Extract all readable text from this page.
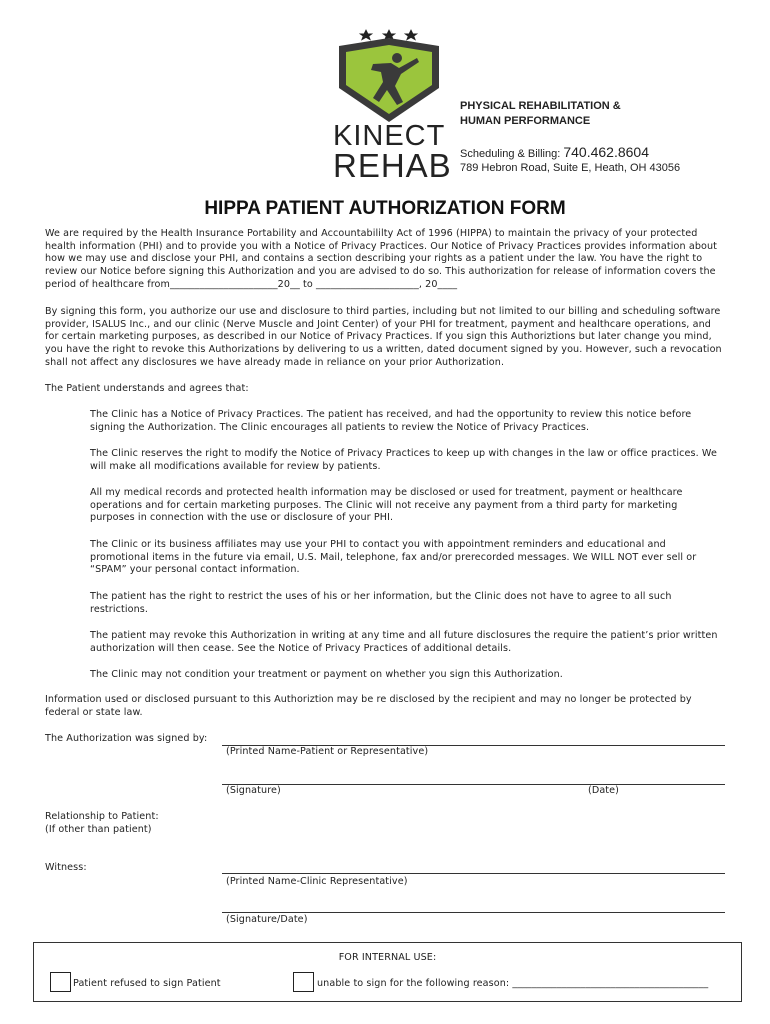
KINECT
REHAB
PHYSICAL REHABILITATION &
HUMAN PERFORMANCE
Scheduling & Billing: 740.462.8604
789 Hebron Road, Suite E, Heath, OH 43056
HIPPA PATIENT AUTHORIZATION FORM
We are required by the Health Insurance Portability and Accountabililty Act of 1996 (HIPPA) to maintain the privacy of your protected health information (PHI) and to provide you with a Notice of Privacy Practices. Our Notice of Privacy Practices provides information about how we may use and disclose your PHI, and contains a section describing your rights as a patient under the law. You have the right to review our Notice before signing this Authorization and you are advised to do so. This authorization for release of information covers the period of healthcare from______________________20__ to _____________________, 20____
By signing this form, you authorize our use and disclosure to third parties, including but not limited to our billing and scheduling software provider, ISALUS Inc., and our clinic (Nerve Muscle and Joint Center) of your PHI for treatment, payment and healthcare operations, and for certain marketing purposes, as described in our Notice of Privacy Practices. If you sign this Authoriztions but later change you mind, you have the right to revoke this Authorizations by delivering to us a written, dated document signed by you. However, such a revocation shall not affect any disclosures we have already made in reliance on your prior Authorization.
The Patient understands and agrees that:
The Clinic has a Notice of Privacy Practices. The patient has received, and had the opportunity to review this notice before signing the Authorization. The Clinic encourages all patients to review the Notice of Privacy Practices.
The Clinic reserves the right to modify the Notice of Privacy Practices to keep up with changes in the law or office practices. We will make all modifications available for review by patients.
All my medical records and protected health information may be disclosed or used for treatment, payment or healthcare operations and for certain marketing purposes. The Clinic will not receive any payment from a third party for marketing purposes in connection with the use or disclosure of your PHI.
The Clinic or its business affiliates may use your PHI to contact you with appointment reminders and educational and promotional items in the future via email, U.S. Mail, telephone, fax and/or prerecorded messages. We WILL NOT ever sell or “SPAM” your personal contact information.
The patient has the right to restrict the uses of his or her information, but the Clinic does not have to agree to all such restrictions.
The patient may revoke this Authorization in writing at any time and all future disclosures the require the patient’s prior written authorization will then cease. See the Notice of Privacy Practices of additional details.
The Clinic may not condition your treatment or payment on whether you sign this Authorization.
Information used or disclosed pursuant to this Authoriztion may be re disclosed by the recipient and may no longer be protected by federal or state law.
The Authorization was signed by:
(Printed Name-Patient or Representative)
(Signature)	(Date)
Relationship to Patient:
(If other than patient)
Witness:
(Printed Name-Clinic Representative)
(Signature/Date)
FOR INTERNAL USE:
Patient refused to sign Patient	unable to sign for the following reason: ________________________________________
